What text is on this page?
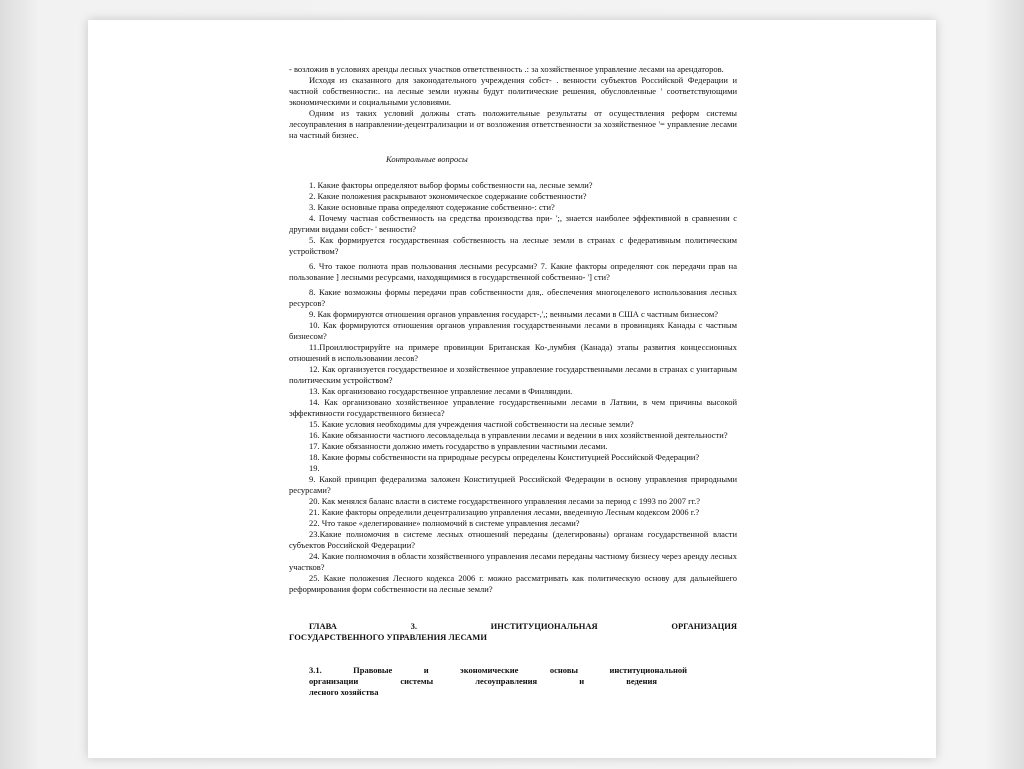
- возложив в условиях аренды лесных участков ответственность .: за хозяйственное управление лесами на арендаторов.

Исходя из сказанного для законодательного учреждения собст- . венности субъектов Российской Федерации и частной собственности:. на лесные земли нужны будут политические решения, обусловленные ' соответствующими экономическими и социальными условиями.

Одним из таких условий должны стать положительные результаты от осуществления реформ системы лесоуправления в направлении-децентрализации и от возложения ответственности за хозяйственное '= управление лесами на частный бизнес.

Контрольные вопросы

1. Какие факторы определяют выбор формы собственности на, лесные земли?

2. Какие положения раскрывают экономическое содержание собственности?

3. Какие основные права определяют содержание собственно-: сти?

4. Почему частная собственность на средства производства при- ';, знается наиболее эффективной в сравнении с другими видами собст- ' венности?

5. Как формируется государственная собственность на лесные земли в странах с федеративным политическим устройством?

6. Что такое полнота прав пользования лесными ресурсами? 7. Какие факторы определяют сок передачи прав на пользование ] лесными ресурсами, находящимися в государственной собственно- '] сти?

8. Какие возможны формы передачи прав собственности для,. обеспечения многоцелевого использования лесных ресурсов?

9. Как формируются отношения органов управления государст-,',; венными лесами в США с частным бизнесом?

10. Как формируются отношения органов управления государственными лесами в провинциях Канады с частным бизнесом?

11.Проиллюстрируйте на примере провинции Британская Ко-,лумбия (Канада) этапы развития концессионных отношений в использовании лесов?

12. Как организуется государственное и хозяйственное управление государственными лесами в странах с унитарным политическим устройством?

13. Как организовано государственное управление лесами в Финляндии.

14. Как организовано хозяйственное управление государственными лесами в Латвии, в чем причины высокой эффективности государственного бизнеса?

15. Какие условия необходимы для учреждения частной собственности на лесные земли?

16. Какие обязанности частного лесовладельца в управлении лесами и ведении в них хозяйственной деятельности?

17. Какие обязанности должно иметь государство в управлении частными лесами.

18. Какие формы собственности на природные ресурсы определены Конституцией Российской Федерации?

19.

9. Какой принцип федерализма заложен Конституцией Российской Федерации в основу управления природными ресурсами?

20. Как менялся баланс власти в системе государственного управления лесами за период с 1993 по 2007 гг.?

21. Какие факторы определили децентрализацию управления лесами, введенную Лесным кодексом 2006 г.?

22. Что такое «делегирование» полномочий в системе управления лесами?

23.Какие полномочия в системе лесных отношений переданы (делегированы) органам государственной власти субъектов Российской Федерации?

24. Какие полномочия в области хозяйственного управления лесами переданы частному бизнесу через аренду лесных участков?

25. Какие положения Лесного кодекса 2006 г. можно рассматривать как политическую основу для дальнейшего реформирования форм собственности на лесные земли?

ГЛАВА	3.	ИНСТИТУЦИОНАЛЬНАЯ	ОРГАНИЗАЦИЯ
ГОСУДАРСТВЕННОГО УПРАВЛЕНИЯ ЛЕСАМИ
3.1.	Правовые	и	экономические	основы	институциональной
организации	системы	лесоуправления	и	ведения
лесного хозяйства
